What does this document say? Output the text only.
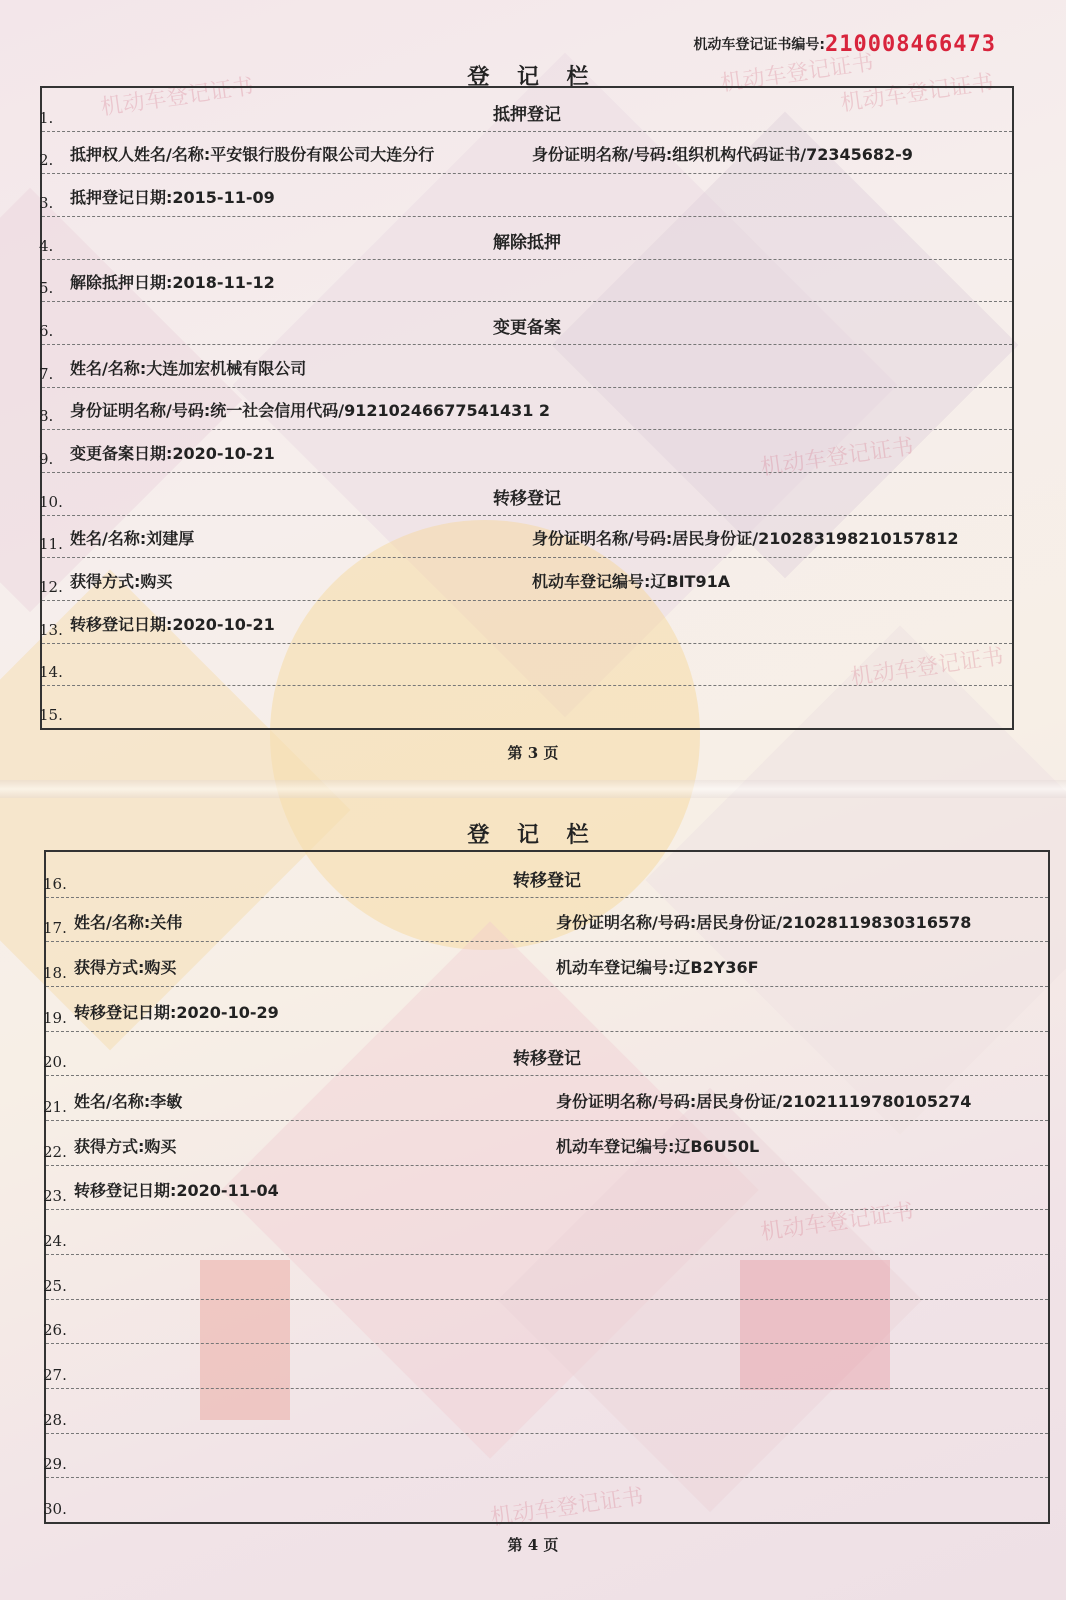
机动车登记证书
机动车登记证书
机动车登记证书
机动车登记证书
机动车登记证书
机动车登记证书
机动车登记证书
机动车登记证书编号:210008466473
登 记 栏
1.	抵押登记
2. 抵押权人姓名/名称:平安银行股份有限公司大连分行	身份证明名称/号码:组织机构代码证书/72345682-9
3. 抵押登记日期:2015-11-09
4.	解除抵押
5. 解除抵押日期:2018-11-12
6.	变更备案
7. 姓名/名称:大连加宏机械有限公司
8. 身份证明名称/号码:统一社会信用代码/91210246677541431 2
9. 变更备案日期:2020-10-21
10.	转移登记
11. 姓名/名称:刘建厚	身份证明名称/号码:居民身份证/210283198210157812
12. 获得方式:购买	机动车登记编号:辽BIT91A
13. 转移登记日期:2020-10-21
14.
15.
第 3 页
登 记 栏
16.	转移登记
17. 姓名/名称:关伟	身份证明名称/号码:居民身份证/21028119830316578
18. 获得方式:购买	机动车登记编号:辽B2Y36F
19. 转移登记日期:2020-10-29
20.	转移登记
21. 姓名/名称:李敏	身份证明名称/号码:居民身份证/21021119780105274
22. 获得方式:购买	机动车登记编号:辽B6U50L
23. 转移登记日期:2020-11-04
24.
25.
26.
27.
28.
29.
30.
第 4 页
